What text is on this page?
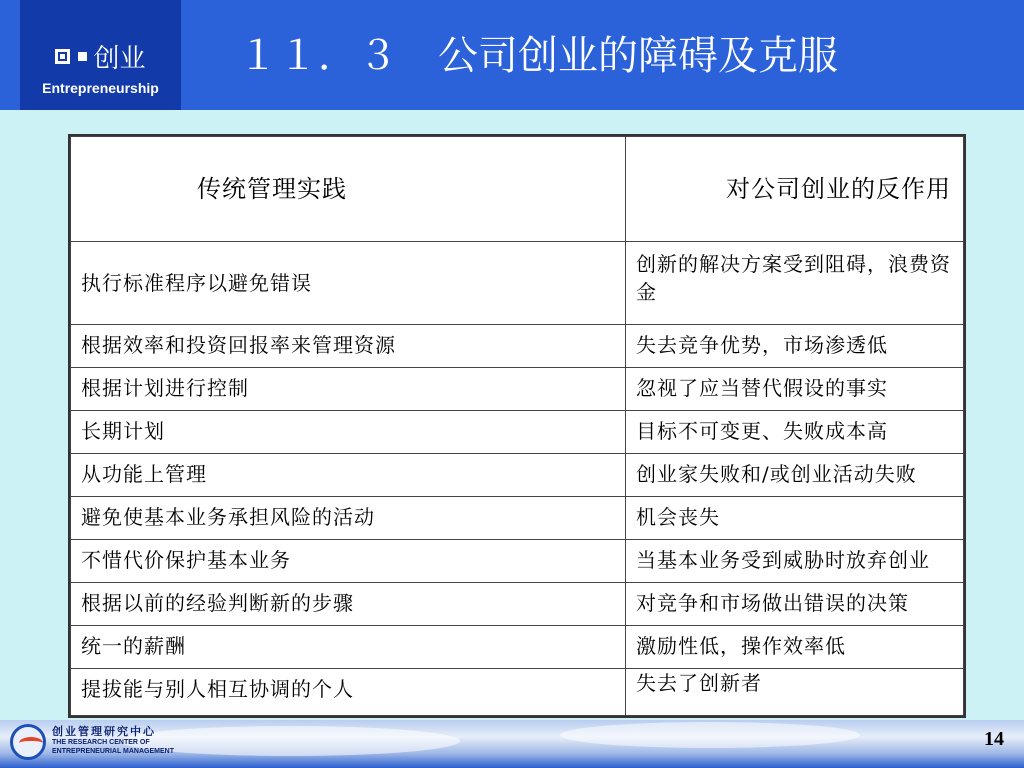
创业
Entrepreneurship
１１．３　公司创业的障碍及克服
传统管理实践	对公司创业的反作用
执行标准程序以避免错误	创新的解决方案受到阻碍，浪费资金
根据效率和投资回报率来管理资源	失去竞争优势，市场渗透低
根据计划进行控制	忽视了应当替代假设的事实
长期计划	目标不可变更、失败成本高
从功能上管理	创业家失败和/或创业活动失败
避免使基本业务承担风险的活动	机会丧失
不惜代价保护基本业务	当基本业务受到威胁时放弃创业
根据以前的经验判断新的步骤	对竞争和市场做出错误的决策
统一的薪酬	激励性低，操作效率低
提拔能与别人相互协调的个人	失去了创新者
创业管理研究中心
THE RESEARCH CENTER OF
ENTREPRENEURIAL MANAGEMENT
14
